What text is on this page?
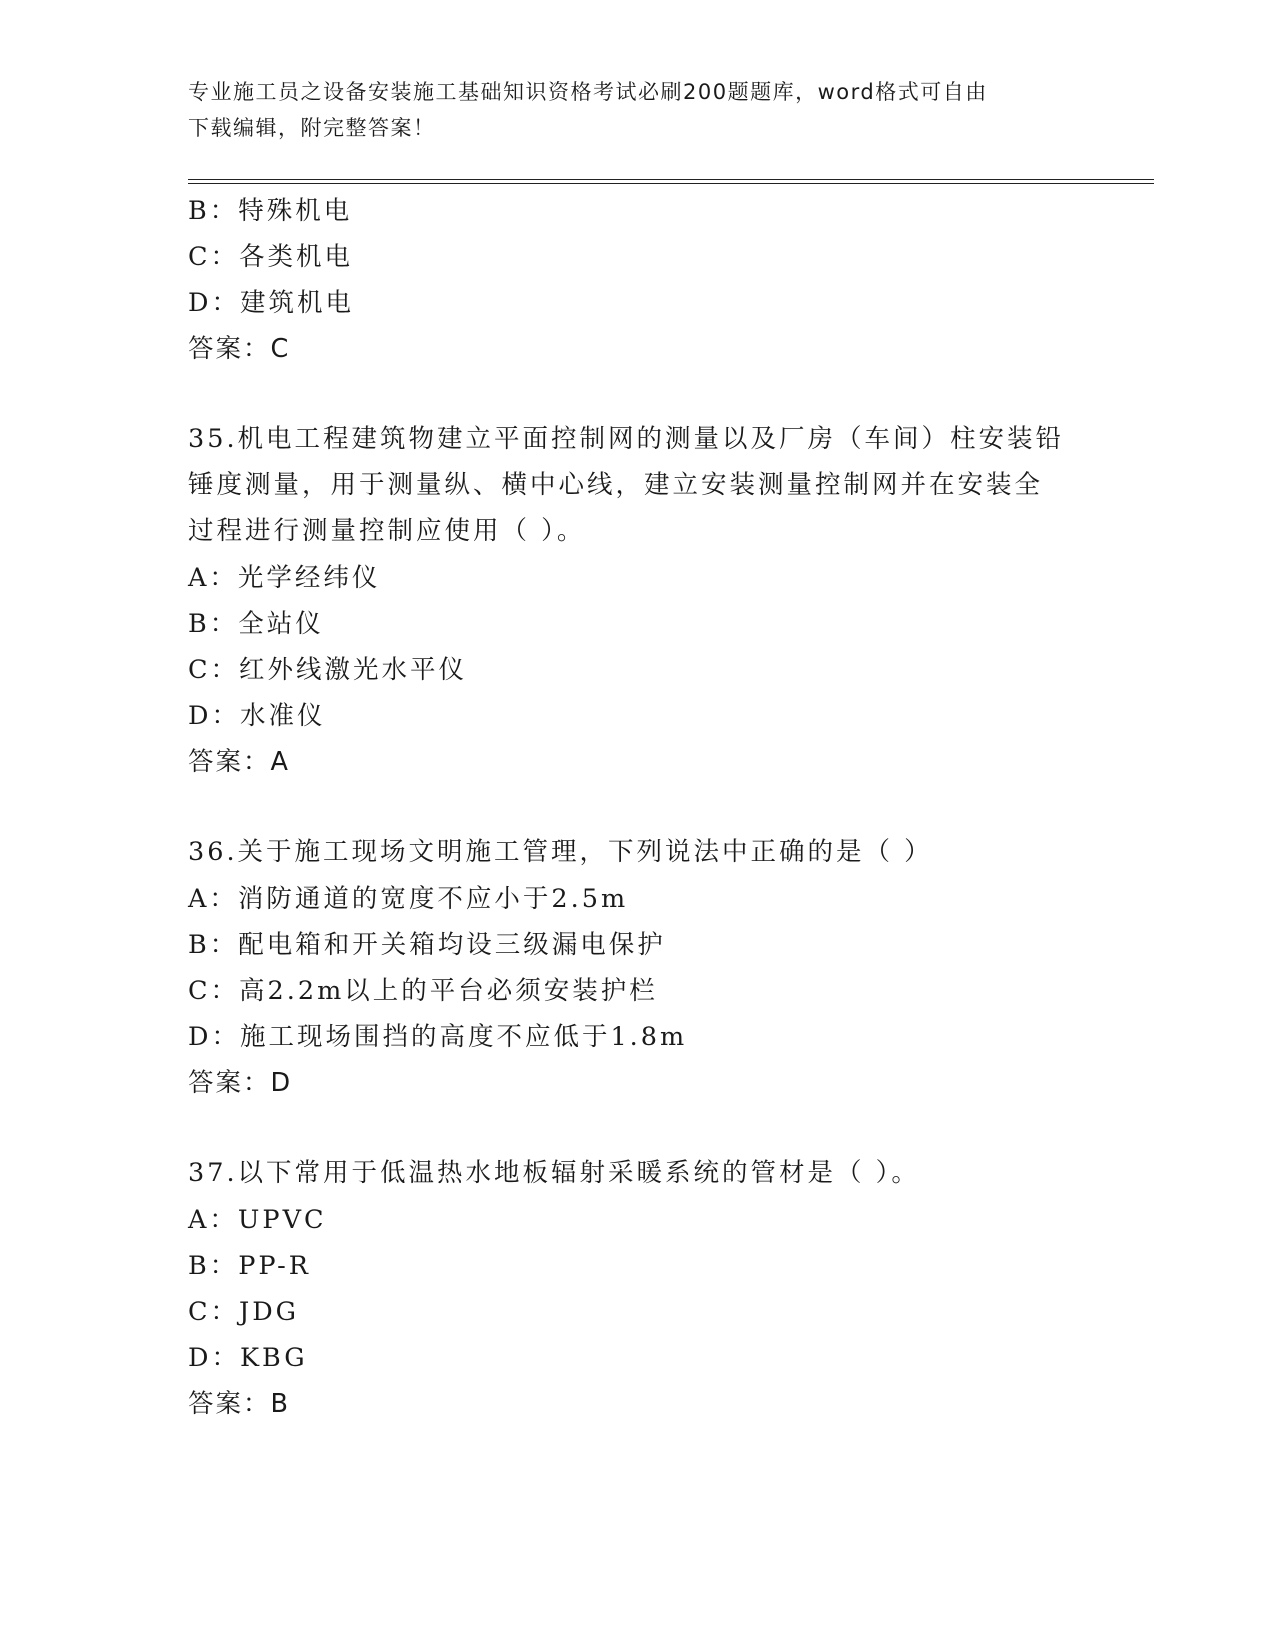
专业施工员之设备安装施工基础知识资格考试必刷200题题库，word格式可自由
下载编辑，附完整答案！
B：特殊机电
C：各类机电
D：建筑机电
答案：C
35.机电工程建筑物建立平面控制网的测量以及厂房（车间）柱安装铅
锤度测量，用于测量纵、横中心线，建立安装测量控制网并在安装全
过程进行测量控制应使用（ ）。
A：光学经纬仪
B：全站仪
C：红外线激光水平仪
D：水准仪
答案：A
36.关于施工现场文明施工管理，下列说法中正确的是（ ）
A：消防通道的宽度不应小于2.5m
B：配电箱和开关箱均设三级漏电保护
C：高2.2m以上的平台必须安装护栏
D：施工现场围挡的高度不应低于1.8m
答案：D
37.以下常用于低温热水地板辐射采暖系统的管材是（ ）。
A：UPVC
B：PP-R
C：JDG
D：KBG
答案：B
